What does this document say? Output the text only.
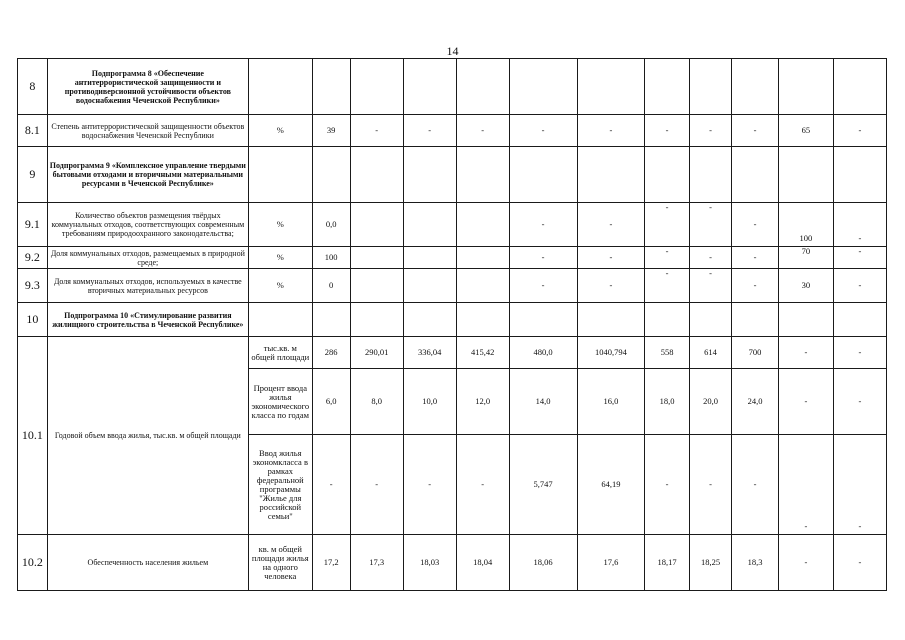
14
8	Подпрограмма 8 «Обеспечение антитеррористической защищенности и противодиверсионной устойчивости объектов водоснабжения Чеченской Республики»												
8.1	Степень антитеррористической защищенности объектов водоснабжения Чеченской Республики	%	39	-	-	-	-	-	-	-	-	65	-
9	Подпрограмма 9 «Комплексное управление твердыми бытовыми отходами и вторичными материальными ресурсами в Чеченской Республике»												
9.1	Количество объектов размещения твёрдых коммунальных отходов, соответствующих современным требованиям природоохранного законодательства;	%	0,0				-	-	-	-	-	100	-
9.2	Доля коммунальных отходов, размещаемых в природной среде;	%	100				-	-	-	-	-	70	-
9.3	Доля коммунальных отходов, используемых в качестве вторичных материальных ресурсов	%	0				-	-	-	-	-	30	-
10	Подпрограмма 10 «Стимулирование развития жилищного строительства в Чеченской Республике»												
10.1	Годовой объем ввода жилья, тыс.кв. м общей площади	тыс.кв. м общей площади	286	290,01	336,04	415,42	480,0	1040,794	558	614	700	-	-
		Процент ввода жилья экономического класса по годам	6,0	8,0	10,0	12,0	14,0	16,0	18,0	20,0	24,0	-	-
		Ввод жилья экономкласса в рамках федеральной программы "Жилье для российской семьи"	-	-	-	-	5,747	64,19	-	-	-	-	-
10.2	Обеспеченность населения жильем	кв. м общей площади жилья на одного человека	17,2	17,3	18,03	18,04	18,06	17,6	18,17	18,25	18,3	-	-
